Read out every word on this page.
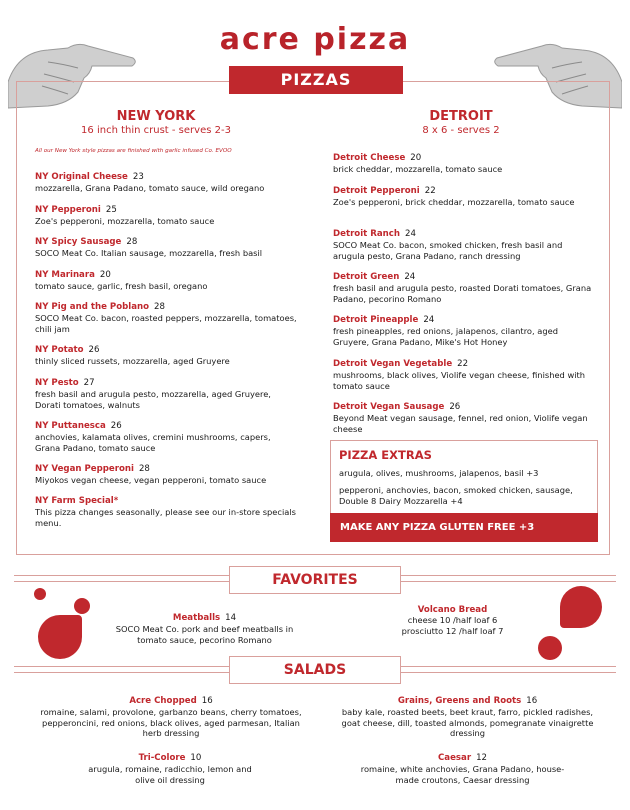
acre pizza
PIZZAS
NEW YORK
16 inch thin crust - serves 2-3
All our New York style pizzas are finished with garlic infused Co. EVOO
NY Original Cheese 23
mozzarella, Grana Padano, tomato sauce, wild oregano
NY Pepperoni 25
Zoe's pepperoni, mozzarella, tomato sauce
NY Spicy Sausage 28
SOCO Meat Co. Italian sausage, mozzarella, fresh basil
NY Marinara 20
tomato sauce, garlic, fresh basil, oregano
NY Pig and the Poblano 28
SOCO Meat Co. bacon, roasted peppers, mozzarella, tomatoes, chili jam
NY Potato 26
thinly sliced russets, mozzarella, aged Gruyere
NY Pesto 27
fresh basil and arugula pesto, mozzarella, aged Gruyere, Dorati tomatoes, walnuts
NY Puttanesca 26
anchovies, kalamata olives, cremini mushrooms, capers, Grana Padano, tomato sauce
NY Vegan Pepperoni 28
Miyokos vegan cheese, vegan pepperoni, tomato sauce
NY Farm Special*
This pizza changes seasonally, please see our in-store specials menu.
DETROIT
8 x 6 - serves 2
Detroit Cheese 20
brick cheddar, mozzarella, tomato sauce
Detroit Pepperoni 22
Zoe's pepperoni, brick cheddar, mozzarella, tomato sauce
Detroit Ranch 24
SOCO Meat Co. bacon, smoked chicken, fresh basil and arugula pesto, Grana Padano, ranch dressing
Detroit Green 24
fresh basil and arugula pesto, roasted Dorati tomatoes, Grana Padano, pecorino Romano
Detroit Pineapple 24
fresh pineapples, red onions, jalapenos, cilantro, aged Gruyere, Grana Padano, Mike's Hot Honey
Detroit Vegan Vegetable 22
mushrooms, black olives, Violife vegan cheese, finished with tomato sauce
Detroit Vegan Sausage 26
Beyond Meat vegan sausage, fennel, red onion, Violife vegan cheese
PIZZA EXTRAS
arugula, olives, mushrooms, jalapenos, basil +3
pepperoni, anchovies, bacon, smoked chicken, sausage, Double 8 Dairy Mozzarella +4
MAKE ANY PIZZA GLUTEN FREE +3
FAVORITES
Meatballs 14
SOCO Meat Co. pork and beef meatballs in tomato sauce, pecorino Romano
Volcano Bread
cheese 10 /half loaf 6
prosciutto 12 /half loaf 7
SALADS
Acre Chopped 16
romaine, salami, provolone, garbanzo beans, cherry tomatoes, pepperoncini, red onions, black olives, aged parmesan, Italian herb dressing
Grains, Greens and Roots 16
baby kale, roasted beets, beet kraut, farro, pickled radishes, goat cheese, dill, toasted almonds, pomegranate vinaigrette dressing
Tri-Colore 10
arugula, romaine, radicchio, lemon and olive oil dressing
Caesar 12
romaine, white anchovies, Grana Padano, house-made croutons, Caesar dressing
